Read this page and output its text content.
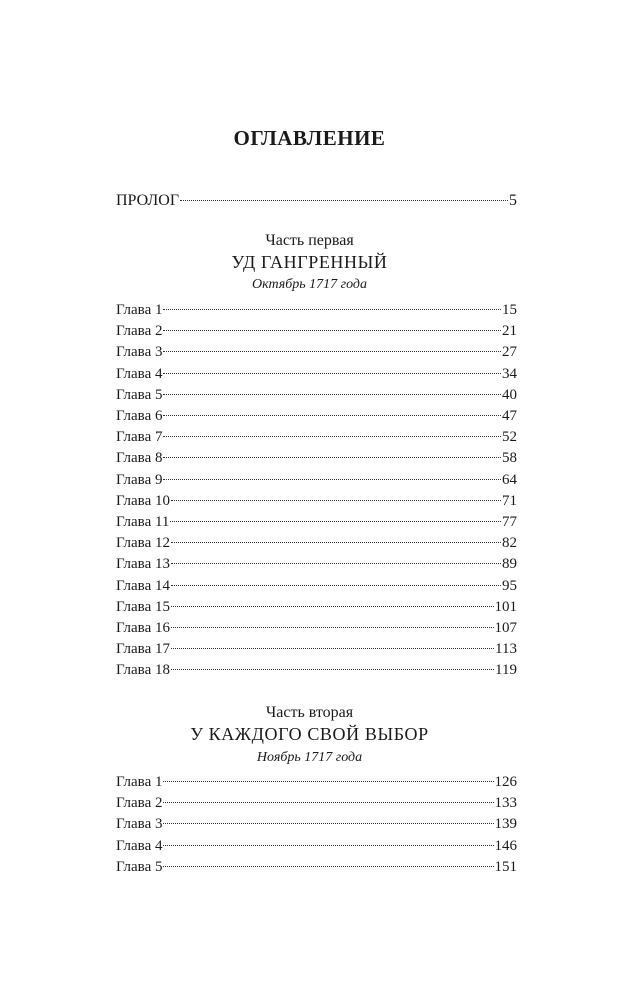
ОГЛАВЛЕНИЕ
ПРОЛОГ	5
Часть первая
УД ГАНГРЕННЫЙ
Октябрь 1717 года
Глава 1	15
Глава 2	21
Глава 3	27
Глава 4	34
Глава 5	40
Глава 6	47
Глава 7	52
Глава 8	58
Глава 9	64
Глава 10	71
Глава 11	77
Глава 12	82
Глава 13	89
Глава 14	95
Глава 15	101
Глава 16	107
Глава 17	113
Глава 18	119
Часть вторая
У КАЖДОГО СВОЙ ВЫБОР
Ноябрь 1717 года
Глава 1	126
Глава 2	133
Глава 3	139
Глава 4	146
Глава 5	151
